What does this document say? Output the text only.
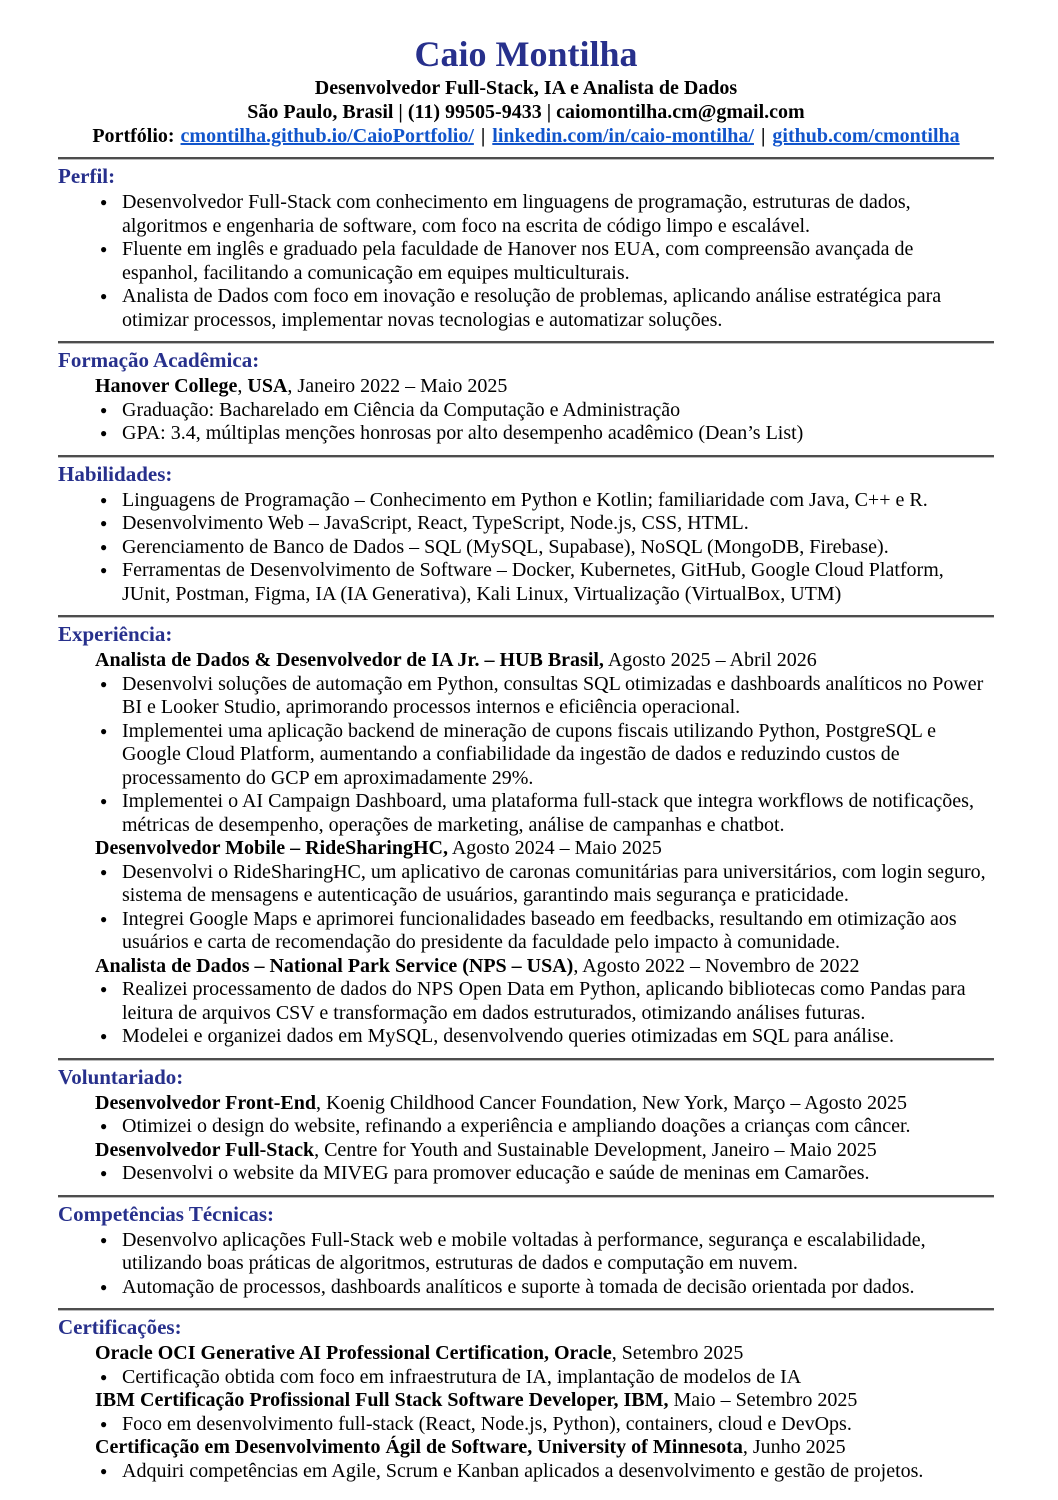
Caio Montilha
Desenvolvedor Full-Stack, IA e Analista de Dados
São Paulo, Brasil | (11) 99505-9433 | caiomontilha.cm@gmail.com
Portfólio: cmontilha.github.io/CaioPortfolio/ | linkedin.com/in/caio-montilha/ | github.com/cmontilha
Perfil:
● Desenvolvedor Full-Stack com conhecimento em linguagens de programação, estruturas de dados, algoritmos e engenharia de software, com foco na escrita de código limpo e escalável.
● Fluente em inglês e graduado pela faculdade de Hanover nos EUA, com compreensão avançada de espanhol, facilitando a comunicação em equipes multiculturais.
● Analista de Dados com foco em inovação e resolução de problemas, aplicando análise estratégica para otimizar processos, implementar novas tecnologias e automatizar soluções.
Formação Acadêmica:

Hanover College, USA, Janeiro 2022 – Maio 2025

● Graduação: Bacharelado em Ciência da Computação e Administração
● GPA: 3.4, múltiplas menções honrosas por alto desempenho acadêmico (Dean’s List)
Habilidades:
● Linguagens de Programação – Conhecimento em Python e Kotlin; familiaridade com Java, C++ e R.
● Desenvolvimento Web – JavaScript, React, TypeScript, Node.js, CSS, HTML.
● Gerenciamento de Banco de Dados – SQL (MySQL, Supabase), NoSQL (MongoDB, Firebase).
● Ferramentas de Desenvolvimento de Software – Docker, Kubernetes, GitHub, Google Cloud Platform, JUnit, Postman, Figma, IA (IA Generativa), Kali Linux, Virtualização (VirtualBox, UTM)
Experiência:

Analista de Dados & Desenvolvedor de IA Jr. – HUB Brasil, Agosto 2025 – Abril 2026

● Desenvolvi soluções de automação em Python, consultas SQL otimizadas e dashboards analíticos no Power BI e Looker Studio, aprimorando processos internos e eficiência operacional.
● Implementei uma aplicação backend de mineração de cupons fiscais utilizando Python, PostgreSQL e Google Cloud Platform, aumentando a confiabilidade da ingestão de dados e reduzindo custos de processamento do GCP em aproximadamente 29%.
● Implementei o AI Campaign Dashboard, uma plataforma full-stack que integra workflows de notificações, métricas de desempenho, operações de marketing, análise de campanhas e chatbot.

Desenvolvedor Mobile – RideSharingHC, Agosto 2024 – Maio 2025

● Desenvolvi o RideSharingHC, um aplicativo de caronas comunitárias para universitários, com login seguro, sistema de mensagens e autenticação de usuários, garantindo mais segurança e praticidade.
● Integrei Google Maps e aprimorei funcionalidades baseado em feedbacks, resultando em otimização aos usuários e carta de recomendação do presidente da faculdade pelo impacto à comunidade.

Analista de Dados – National Park Service (NPS – USA), Agosto 2022 – Novembro de 2022

● Realizei processamento de dados do NPS Open Data em Python, aplicando bibliotecas como Pandas para leitura de arquivos CSV e transformação em dados estruturados, otimizando análises futuras.
● Modelei e organizei dados em MySQL, desenvolvendo queries otimizadas em SQL para análise.
Voluntariado:

Desenvolvedor Front-End, Koenig Childhood Cancer Foundation, New York, Março – Agosto 2025

● Otimizei o design do website, refinando a experiência e ampliando doações a crianças com câncer.

Desenvolvedor Full-Stack, Centre for Youth and Sustainable Development, Janeiro – Maio 2025

● Desenvolvi o website da MIVEG para promover educação e saúde de meninas em Camarões.
Competências Técnicas:
● Desenvolvo aplicações Full-Stack web e mobile voltadas à performance, segurança e escalabilidade, utilizando boas práticas de algoritmos, estruturas de dados e computação em nuvem.
● Automação de processos, dashboards analíticos e suporte à tomada de decisão orientada por dados.
Certificações:

Oracle OCI Generative AI Professional Certification, Oracle, Setembro 2025

● Certificação obtida com foco em infraestrutura de IA, implantação de modelos de IA

IBM Certificação Profissional Full Stack Software Developer, IBM, Maio – Setembro 2025

● Foco em desenvolvimento full-stack (React, Node.js, Python), containers, cloud e DevOps.

Certificação em Desenvolvimento Ágil de Software, University of Minnesota, Junho 2025

● Adquiri competências em Agile, Scrum e Kanban aplicados a desenvolvimento e gestão de projetos.
